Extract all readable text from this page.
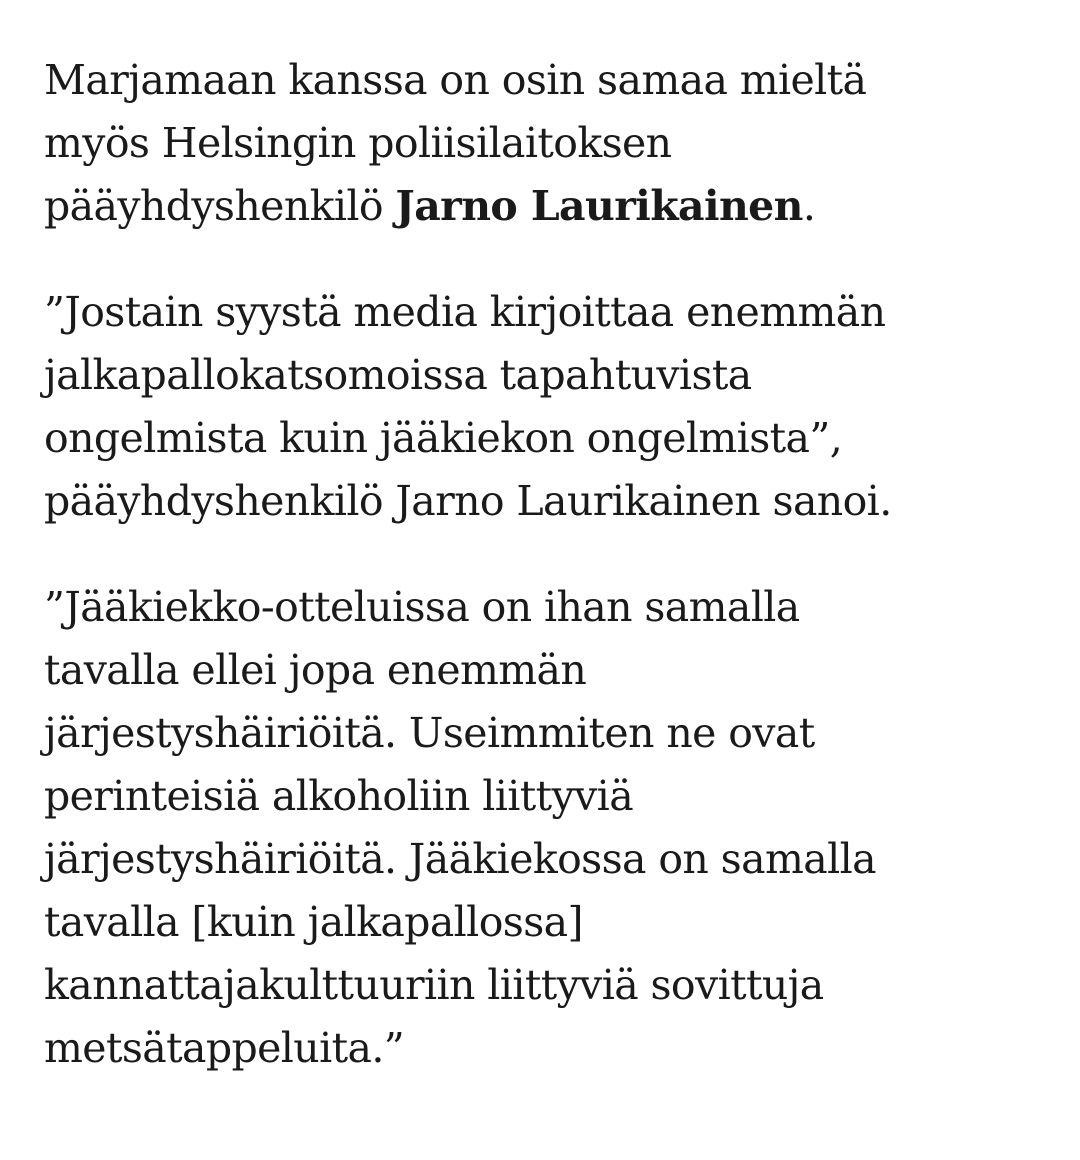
Marjamaan kanssa on osin samaa mieltä
myös Helsingin poliisilaitoksen
pääyhdyshenkilö Jarno Laurikainen.

”Jostain syystä media kirjoittaa enemmän
jalkapallokatsomoissa tapahtuvista
ongelmista kuin jääkiekon ongelmista”,
pääyhdyshenkilö Jarno Laurikainen sanoi.

”Jääkiekko-otteluissa on ihan samalla
tavalla ellei jopa enemmän
järjestyshäiriöitä. Useimmiten ne ovat
perinteisiä alkoholiin liittyviä
järjestyshäiriöitä. Jääkiekossa on samalla
tavalla [kuin jalkapallossa]
kannattajakulttuuriin liittyviä sovittuja
metsätappeluita.”
